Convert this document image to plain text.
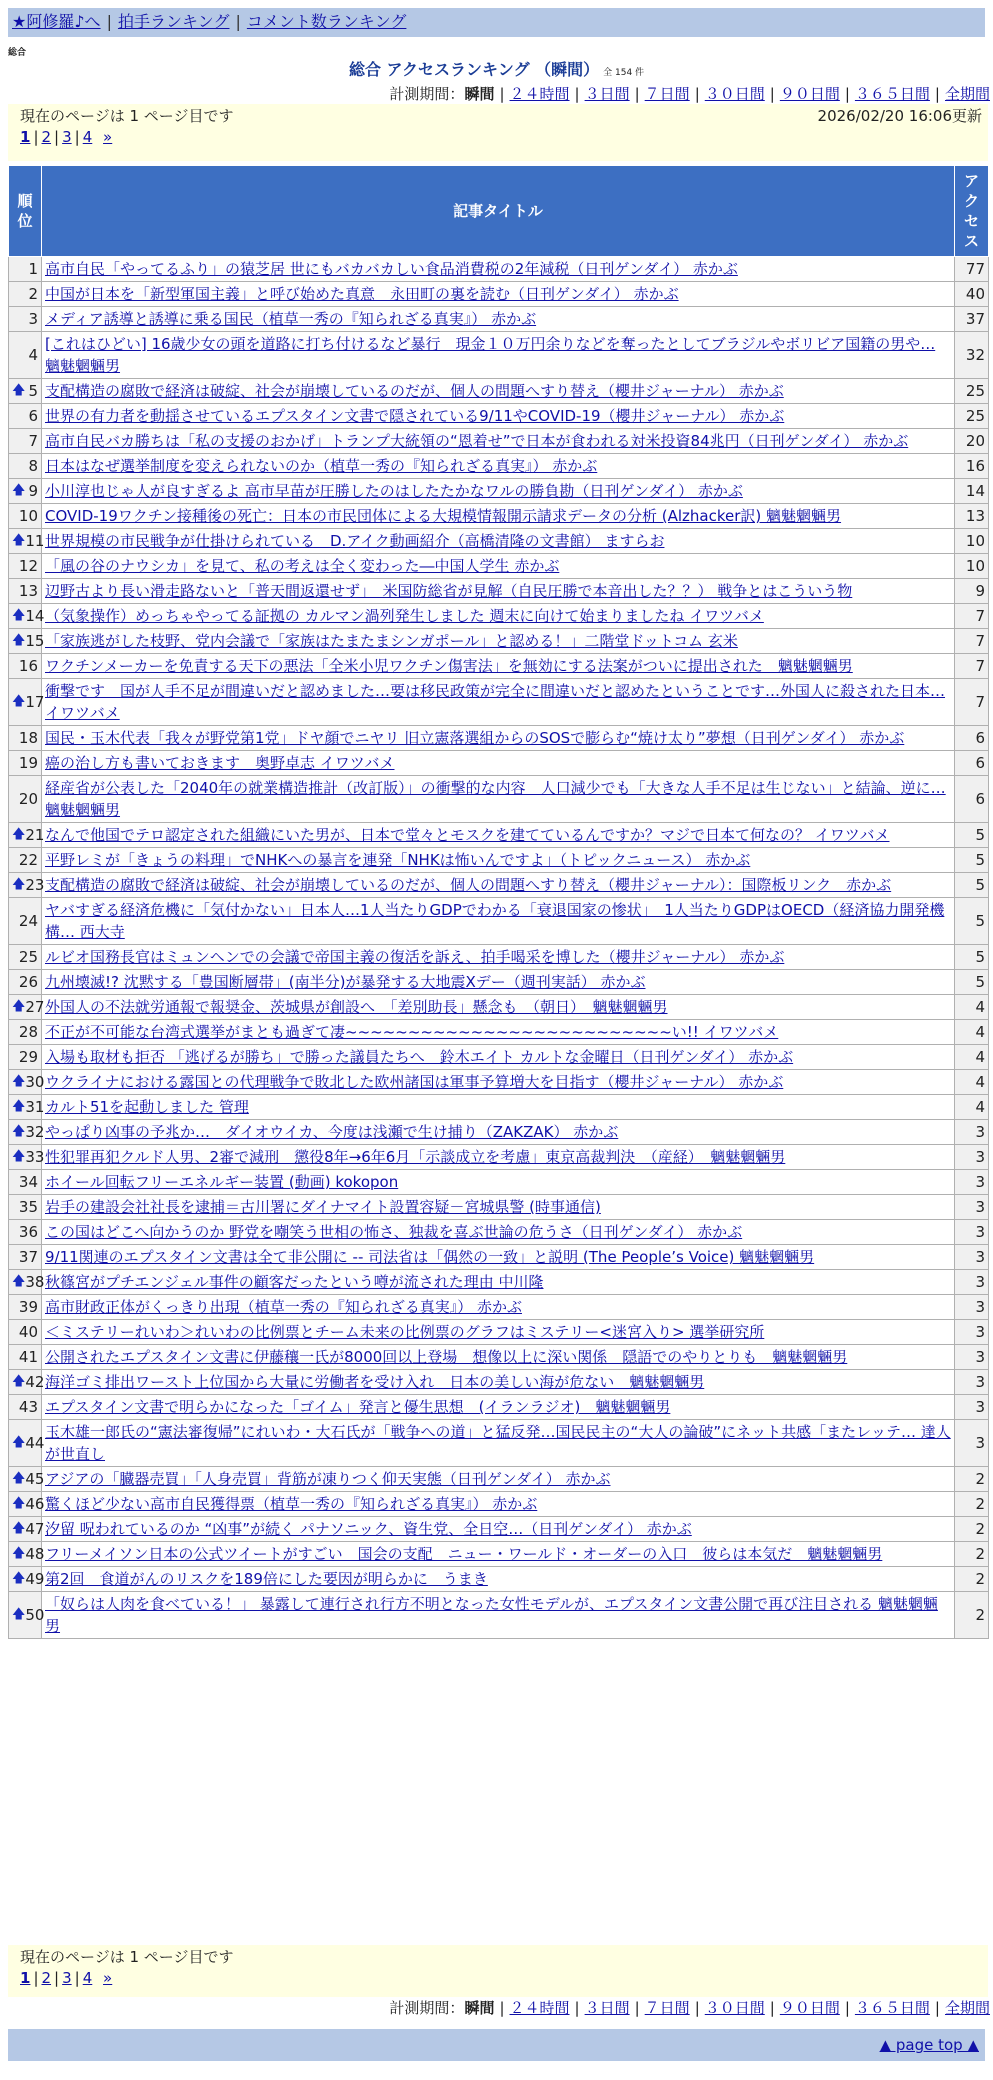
★阿修羅♪へ | 拍手ランキング | コメント数ランキング
総合
総合 アクセスランキング （瞬間） 全 154 件
計測期間：瞬間 | ２４時間 | ３日間 | ７日間 | ３０日間 | ９０日間 | ３６５日間 | 全期間
現在のページは 1 ページ目です	2026/02/20 16:06更新
1 | 2 | 3 | 4 »
順位	記事タイトル	アクセス
1	高市自民「やってるふり」の猿芝居 世にもバカバカしい食品消費税の2年減税（日刊ゲンダイ） 赤かぶ	77
2	中国が日本を「新型軍国主義」と呼び始めた真意　永田町の裏を読む（日刊ゲンダイ） 赤かぶ	40
3	メディア誘導と誘導に乗る国民（植草一秀の『知られざる真実』） 赤かぶ	37
4	[これはひどい] 16歳少女の頭を道路に打ち付けるなど暴行　現金１０万円余りなどを奪ったとしてブラジルやボリビア国籍の男や… 魑魅魍魎男	32

🡅 5	支配構造の腐敗で経済は破綻、社会が崩壊しているのだが、個人の問題へすり替え（櫻井ジャーナル） 赤かぶ	25
6	世界の有力者を動揺させているエプスタイン文書で隠されている9/11やCOVID-19（櫻井ジャーナル） 赤かぶ	25
7	高市自民バカ勝ちは「私の支援のおかげ」トランプ大統領の“恩着せ”で日本が食われる対米投資84兆円（日刊ゲンダイ） 赤かぶ	20
8	日本はなぜ選挙制度を変えられないのか（植草一秀の『知られざる真実』） 赤かぶ	16

🡅 9	小川淳也じゃ人が良すぎるよ 高市早苗が圧勝したのはしたたかなワルの勝負勘（日刊ゲンダイ） 赤かぶ	14
10	COVID-19ワクチン接種後の死亡：日本の市民団体による大規模情報開示請求データの分析 (Alzhacker訳) 魑魅魍魎男	13

🡅 11	世界規模の市民戦争が仕掛けられている　D.アイク動画紹介（高橋清隆の文書館） ますらお	10
12	「風の谷のナウシカ」を見て、私の考えは全く変わった―中国人学生 赤かぶ	10
13	辺野古より長い滑走路ないと「普天間返還せず」　米国防総省が見解（自民圧勝で本音出した？？） 戦争とはこういう物	9

🡅 14	（気象操作）めっちゃやってる証拠の カルマン渦列発生しました 週末に向けて始まりましたね イワツバメ	7

🡅 15	「家族逃がした枝野、党内会議で「家族はたまたまシンガポール」と認める！」二階堂ドットコム 玄米	7
16	ワクチンメーカーを免責する天下の悪法「全米小児ワクチン傷害法」を無効にする法案がついに提出された　魑魅魍魎男	7

🡅 17	衝撃です　国が人手不足が間違いだと認めました…要は移民政策が完全に間違いだと認めたということです…外国人に殺された日本… イワツバメ	7
18	国民・玉木代表「我々が野党第1党」ドヤ顔でニヤリ 旧立憲落選組からのSOSで膨らむ“焼け太り”夢想（日刊ゲンダイ） 赤かぶ	6
19	癌の治し方も書いておきます　奥野卓志 イワツバメ	6
20	経産省が公表した「2040年の就業構造推計（改訂版）」の衝撃的な内容　人口減少でも「大きな人手不足は生じない」と結論、逆に… 魑魅魍魎男	6

🡅 21	なんで他国でテロ認定された組織にいた男が、日本で堂々とモスクを建てているんですか？マジで日本て何なの？ イワツバメ	5
22	平野レミが「きょうの料理」でNHKへの暴言を連発「NHKは怖いんですよ」（トピックニュース） 赤かぶ	5

🡅 23	支配構造の腐敗で経済は破綻、社会が崩壊しているのだが、個人の問題へすり替え（櫻井ジャーナル）：国際板リンク　赤かぶ	5
24	ヤバすぎる経済危機に「気付かない」日本人…1人当たりGDPでわかる「衰退国家の惨状」　1人当たりGDPはOECD（経済協力開発機構… 西大寺	5
25	ルビオ国務長官はミュンヘンでの会議で帝国主義の復活を訴え、拍手喝采を博した（櫻井ジャーナル） 赤かぶ	5
26	九州壊滅!? 沈黙する「豊国断層帯」(南半分)が暴発する大地震Xデー（週刊実話） 赤かぶ	5

🡅 27	外国人の不法就労通報で報奨金、茨城県が創設へ　「差別助長」懸念も　（朝日）　魑魅魍魎男	4
28	不正が不可能な台湾式選挙がまとも過ぎて凄~~~~~~~~~~~~~~~~~~~~~~~~~~い!! イワツバメ	4
29	入場も取材も拒否 「逃げるが勝ち」で勝った議員たちへ　鈴木エイト カルトな金曜日（日刊ゲンダイ） 赤かぶ	4

🡅 30	ウクライナにおける露国との代理戦争で敗北した欧州諸国は軍事予算増大を目指す（櫻井ジャーナル） 赤かぶ	4

🡅 31	カルト51を起動しました 管理	4

🡅 32	やっぱり凶事の予兆か…　ダイオウイカ、今度は浅瀬で生け捕り（ZAKZAK） 赤かぶ	3

🡅 33	性犯罪再犯クルド人男、2審で減刑　懲役8年→6年6月「示談成立を考慮」東京高裁判決　（産経）　魑魅魍魎男	3
34	ホイール回転フリーエネルギー装置 (動画) kokopon	3
35	岩手の建設会社社長を逮捕＝古川署にダイナマイト設置容疑－宮城県警 (時事通信)	3
36	この国はどこへ向かうのか 野党を嘲笑う世相の怖さ、独裁を喜ぶ世論の危うさ（日刊ゲンダイ） 赤かぶ	3
37	9/11関連のエプスタイン文書は全て非公開に -- 司法省は「偶然の一致」と説明 (The People’s Voice) 魑魅魍魎男	3

🡅 38	秋篠宮がプチエンジェル事件の顧客だったという噂が流された理由 中川隆	3
39	高市財政正体がくっきり出現（植草一秀の『知られざる真実』） 赤かぶ	3
40	＜ミステリーれいわ＞れいわの比例票とチーム未来の比例票のグラフはミステリー<迷宮入り> 選挙研究所	3
41	公開されたエプスタイン文書に伊藤穰一氏が8000回以上登場　想像以上に深い関係　隠語でのやりとりも　魑魅魍魎男	3

🡅 42	海洋ゴミ排出ワースト上位国から大量に労働者を受け入れ　日本の美しい海が危ない　魑魅魍魎男	3
43	エプスタイン文書で明らかになった「ゴイム」発言と優生思想　(イランラジオ)　魑魅魍魎男	3

🡅 44	玉木雄一郎氏の“憲法審復帰”にれいわ・大石氏が「戦争への道」と猛反発…国民民主の“大人の論破”にネット共感「またレッテ… 達人が世直し	3

🡅 45	アジアの「臓器売買」「人身売買」背筋が凍りつく仰天実態（日刊ゲンダイ） 赤かぶ	2

🡅 46	驚くほど少ない高市自民獲得票（植草一秀の『知られざる真実』） 赤かぶ	2

🡅 47	汐留 呪われているのか “凶事”が続く パナソニック、資生党、全日空…（日刊ゲンダイ） 赤かぶ	2

🡅 48	フリーメイソン日本の公式ツイートがすごい　国会の支配　ニュー・ワールド・オーダーの入口　彼らは本気だ　魑魅魍魎男	2

🡅 49	第2回　食道がんのリスクを189倍にした要因が明らかに　うまき	2

🡅 50	「奴らは人肉を食べている！」 暴露して連行され行方不明となった女性モデルが、エプスタイン文書公開で再び注目される 魑魅魍魎男	2
現在のページは 1 ページ目です
1 | 2 | 3 | 4 »
計測期間：瞬間 | ２４時間 | ３日間 | ７日間 | ３０日間 | ９０日間 | ３６５日間 | 全期間
▲ page top ▲
